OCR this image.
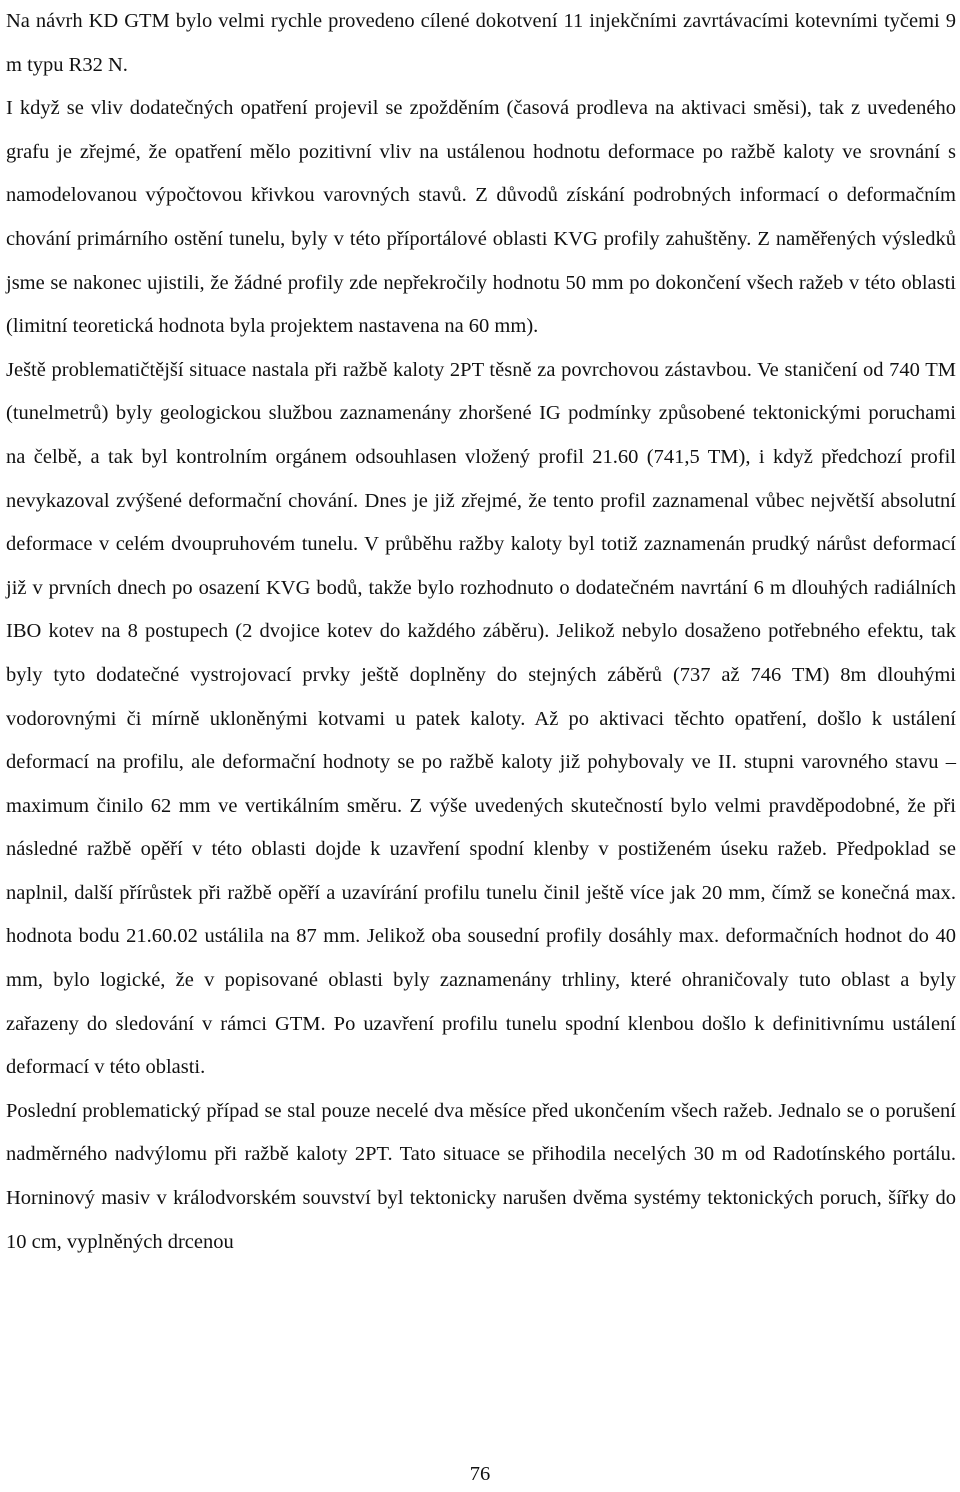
Na návrh KD GTM bylo velmi rychle provedeno cílené dokotvení 11 injekčními zavrtávacími kotevními tyčemi 9 m typu R32 N.

I když se vliv dodatečných opatření projevil se zpožděním (časová prodleva na aktivaci směsi), tak z uvedeného grafu je zřejmé, že opatření mělo pozitivní vliv na ustálenou hodnotu deformace po ražbě kaloty ve srovnání s namodelovanou výpočtovou křivkou varovných stavů. Z důvodů získání podrobných informací o deformačním chování primárního ostění tunelu, byly v této příportálové oblasti KVG profily zahuštěny. Z naměřených výsledků jsme se nakonec ujistili, že žádné profily zde nepřekročily hodnotu 50 mm po dokončení všech ražeb v této oblasti (limitní teoretická hodnota byla projektem nastavena na 60 mm).

Ještě problematičtější situace nastala při ražbě kaloty 2PT těsně za povrchovou zástavbou. Ve staničení od 740 TM (tunelmetrů) byly geologickou službou zaznamenány zhoršené IG podmínky způsobené tektonickými poruchami na čelbě, a tak byl kontrolním orgánem odsouhlasen vložený profil 21.60 (741,5 TM), i když předchozí profil nevykazoval zvýšené deformační chování. Dnes je již zřejmé, že tento profil zaznamenal vůbec největší absolutní deformace v celém dvoupruhovém tunelu. V průběhu ražby kaloty byl totiž zaznamenán prudký nárůst deformací již v prvních dnech po osazení KVG bodů, takže bylo rozhodnuto o dodatečném navrtání 6 m dlouhých radiálních IBO kotev na 8 postupech (2 dvojice kotev do každého záběru). Jelikož nebylo dosaženo potřebného efektu, tak byly tyto dodatečné vystrojovací prvky ještě doplněny do stejných záběrů (737 až 746 TM) 8m dlouhými vodorovnými či mírně ukloněnými kotvami u patek kaloty. Až po aktivaci těchto opatření, došlo k ustálení deformací na profilu, ale deformační hodnoty se po ražbě kaloty již pohybovaly ve II. stupni varovného stavu – maximum činilo 62 mm ve vertikálním směru. Z výše uvedených skutečností bylo velmi pravděpodobné, že při následné ražbě opěří v této oblasti dojde k uzavření spodní klenby v postiženém úseku ražeb. Předpoklad se naplnil, další přírůstek při ražbě opěří a uzavírání profilu tunelu činil ještě více jak 20 mm, čímž se konečná max. hodnota bodu 21.60.02 ustálila na 87 mm. Jelikož oba sousední profily dosáhly max. deformačních hodnot do 40 mm, bylo logické, že v popisované oblasti byly zaznamenány trhliny, které ohraničovaly tuto oblast a byly zařazeny do sledování v rámci GTM. Po uzavření profilu tunelu spodní klenbou došlo k definitivnímu ustálení deformací v této oblasti.

Poslední problematický případ se stal pouze necelé dva měsíce před ukončením všech ražeb. Jednalo se o porušení nadměrného nadvýlomu při ražbě kaloty 2PT. Tato situace se přihodila necelých 30 m od Radotínského portálu. Horninový masiv v králodvorském souvství byl tektonicky narušen dvěma systémy tektonických poruch, šířky do 10 cm, vyplněných drcenou

76
